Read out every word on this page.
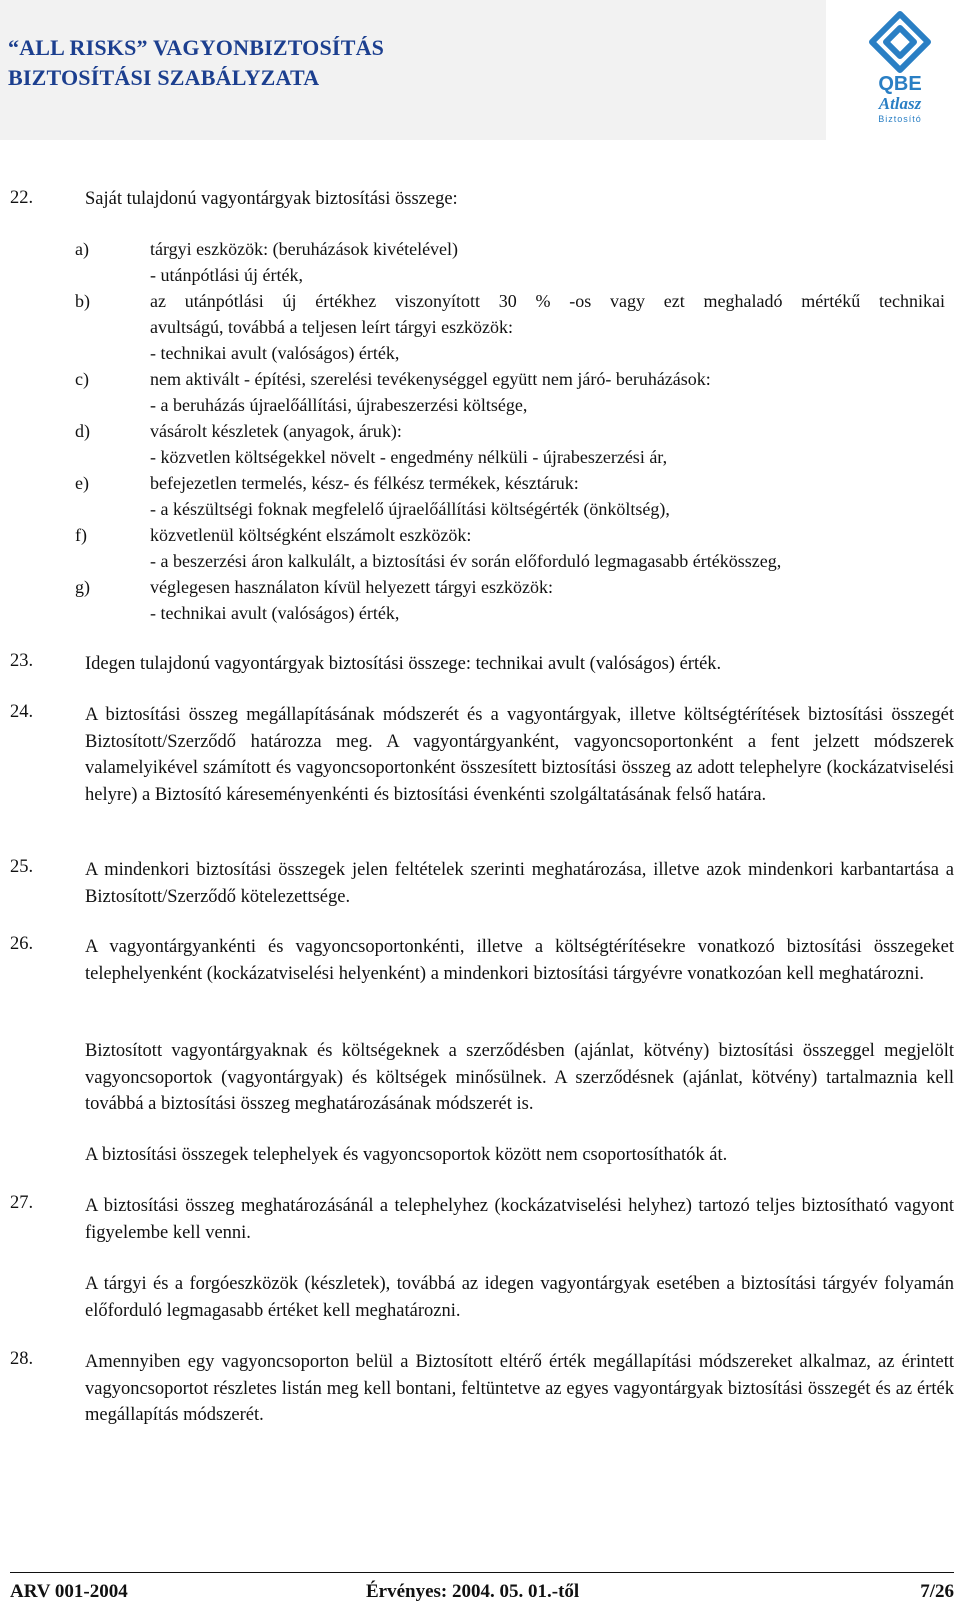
“ALL RISKS” VAGYONBIZTOSÍTÁS
BIZTOSÍTÁSI SZABÁLYZATA	QBE
Atlasz
Biztosító
22.	Saját tulajdonú vagyontárgyak biztosítási összege:
a)	tárgyi eszközök: (beruházások kivételével)
- utánpótlási új érték,
b)	az utánpótlási új értékhez viszonyított 30 % -os vagy ezt meghaladó mértékű technikai
avultságú, továbbá a teljesen leírt tárgyi eszközök:
- technikai avult (valóságos) érték,
c)	nem aktivált - építési, szerelési tevékenységgel együtt nem járó- beruházások:
- a beruházás újraelőállítási, újrabeszerzési költsége,
d)	vásárolt készletek (anyagok, áruk):
- közvetlen költségekkel növelt - engedmény nélküli - újrabeszerzési ár,
e)	befejezetlen termelés, kész- és félkész termékek, késztáruk:
- a készültségi foknak megfelelő újraelőállítási költségérték (önköltség),
f)	közvetlenül költségként elszámolt eszközök:
- a beszerzési áron kalkulált, a biztosítási év során előforduló legmagasabb értékösszeg,
g)	véglegesen használaton kívül helyezett tárgyi eszközök:
- technikai avult (valóságos) érték,
23.	Idegen tulajdonú vagyontárgyak biztosítási összege: technikai avult (valóságos) érték.
24.	A biztosítási összeg megállapításának módszerét és a vagyontárgyak, illetve költségtérítések biztosítási összegét Biztosított/Szerződő határozza meg. A vagyontárgyanként, vagyoncsoportonként a fent jelzett módszerek valamelyikével számított és vagyoncsoportonként összesített biztosítási összeg az adott telephelyre (kockázatviselési helyre) a Biztosító káreseményenkénti és biztosítási évenkénti szolgáltatásának felső határa.

25.	A mindenkori biztosítási összegek jelen feltételek szerinti meghatározása, illetve azok mindenkori karbantartása a Biztosított/Szerződő kötelezettsége.

26.	A vagyontárgyankénti és vagyoncsoportonkénti, illetve a költségtérítésekre vonatkozó biztosítási összegeket telephelyenként (kockázatviselési helyenként) a mindenkori biztosítási tárgyévre vonatkozóan kell meghatározni.

Biztosított vagyontárgyaknak és költségeknek a szerződésben (ajánlat, kötvény) biztosítási összeggel megjelölt vagyoncsoportok (vagyontárgyak) és költségek minősülnek. A szerződésnek (ajánlat, kötvény) tartalmaznia kell továbbá a biztosítási összeg meghatározásának módszerét is.

A biztosítási összegek telephelyek és vagyoncsoportok között nem csoportosíthatók át.

27.	A biztosítási összeg meghatározásánál a telephelyhez (kockázatviselési helyhez) tartozó teljes biztosítható vagyont figyelembe kell venni.

A tárgyi és a forgóeszközök (készletek), továbbá az idegen vagyontárgyak esetében a biztosítási tárgyév folyamán előforduló legmagasabb értéket kell meghatározni.

28.	Amennyiben egy vagyoncsoporton belül a Biztosított eltérő érték megállapítási módszereket alkalmaz, az érintett vagyoncsoportot részletes listán meg kell bontani, feltüntetve az egyes vagyontárgyak biztosítási összegét és az érték megállapítás módszerét.

ARV 001-2004	Érvényes: 2004. 05. 01.-től	7/26
